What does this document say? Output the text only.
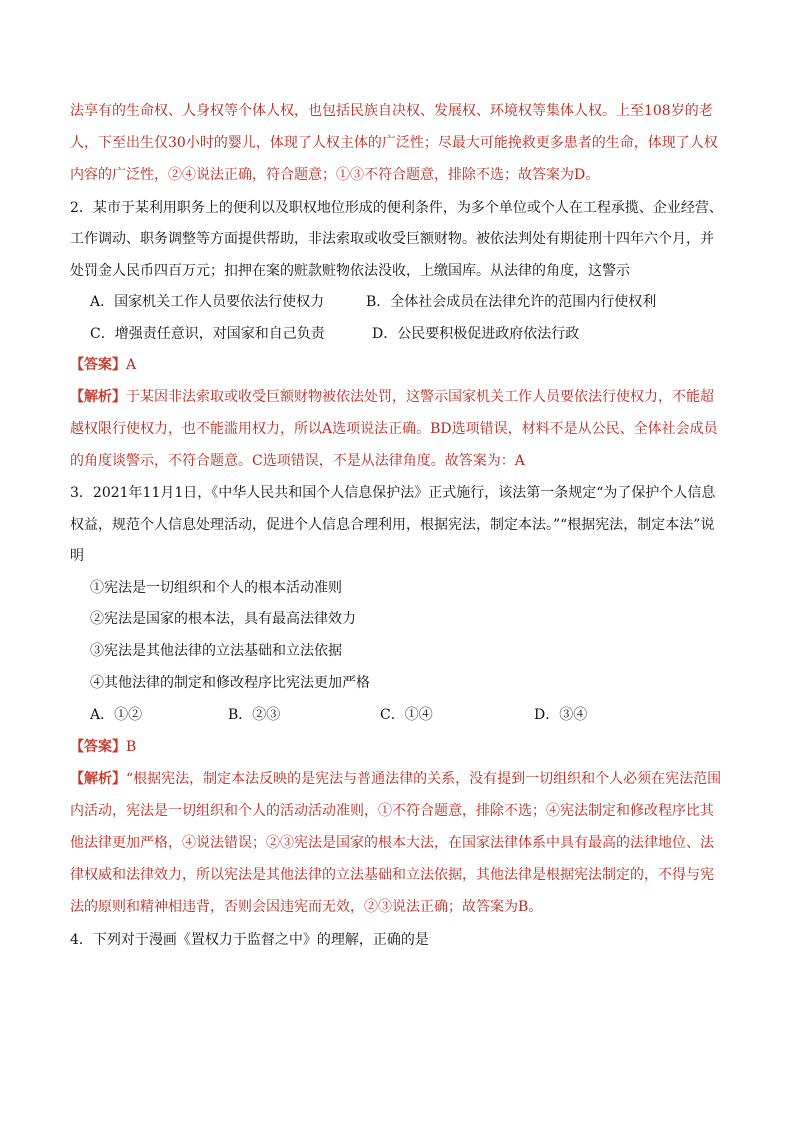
法享有的生命权、人身权等个体人权，也包括民族自决权、发展权、环境权等集体人权。上至108岁的老
人，下至出生仅30小时的婴儿，体现了人权主体的广泛性；尽最大可能挽救更多患者的生命，体现了人权
内容的广泛性，②④说法正确，符合题意；①③不符合题意，排除不选；故答案为D。
2．某市于某利用职务上的便利以及职权地位形成的便利条件，为多个单位或个人在工程承揽、企业经营、
工作调动、职务调整等方面提供帮助，非法索取或收受巨额财物。被依法判处有期徒刑十四年六个月，并
处罚金人民币四百万元；扣押在案的赃款赃物依法没收，上缴国库。从法律的角度，这警示
A．国家机关工作人员要依法行使权力	B．全体社会成员在法律允许的范围内行使权利
C．增强责任意识，对国家和自己负责	D．公民要积极促进政府依法行政
【答案】A
【解析】于某因非法索取或收受巨额财物被依法处罚，这警示国家机关工作人员要依法行使权力，不能超
越权限行使权力，也不能滥用权力，所以A选项说法正确。BD选项错误，材料不是从公民、全体社会成员
的角度谈警示，不符合题意。C选项错误，不是从法律角度。故答案为：A
3．2021年11月1日，《中华人民共和国个人信息保护法》正式施行，该法第一条规定“为了保护个人信息
权益，规范个人信息处理活动，促进个人信息合理利用，根据宪法，制定本法。”“根据宪法，制定本法”说
明
①宪法是一切组织和个人的根本活动准则
②宪法是国家的根本法，具有最高法律效力
③宪法是其他法律的立法基础和立法依据
④其他法律的制定和修改程序比宪法更加严格
A．①②	B．②③	C．①④	D．③④
【答案】B
【解析】“根据宪法，制定本法反映的是宪法与普通法律的关系，没有提到一切组织和个人必须在宪法范围
内活动，宪法是一切组织和个人的活动活动准则，①不符合题意，排除不选；④宪法制定和修改程序比其
他法律更加严格，④说法错误；②③宪法是国家的根本大法，在国家法律体系中具有最高的法律地位、法
律权威和法律效力，所以宪法是其他法律的立法基础和立法依据，其他法律是根据宪法制定的，不得与宪
法的原则和精神相违背，否则会因违宪而无效，②③说法正确；故答案为B。
4．下列对于漫画《置权力于监督之中》的理解，正确的是
